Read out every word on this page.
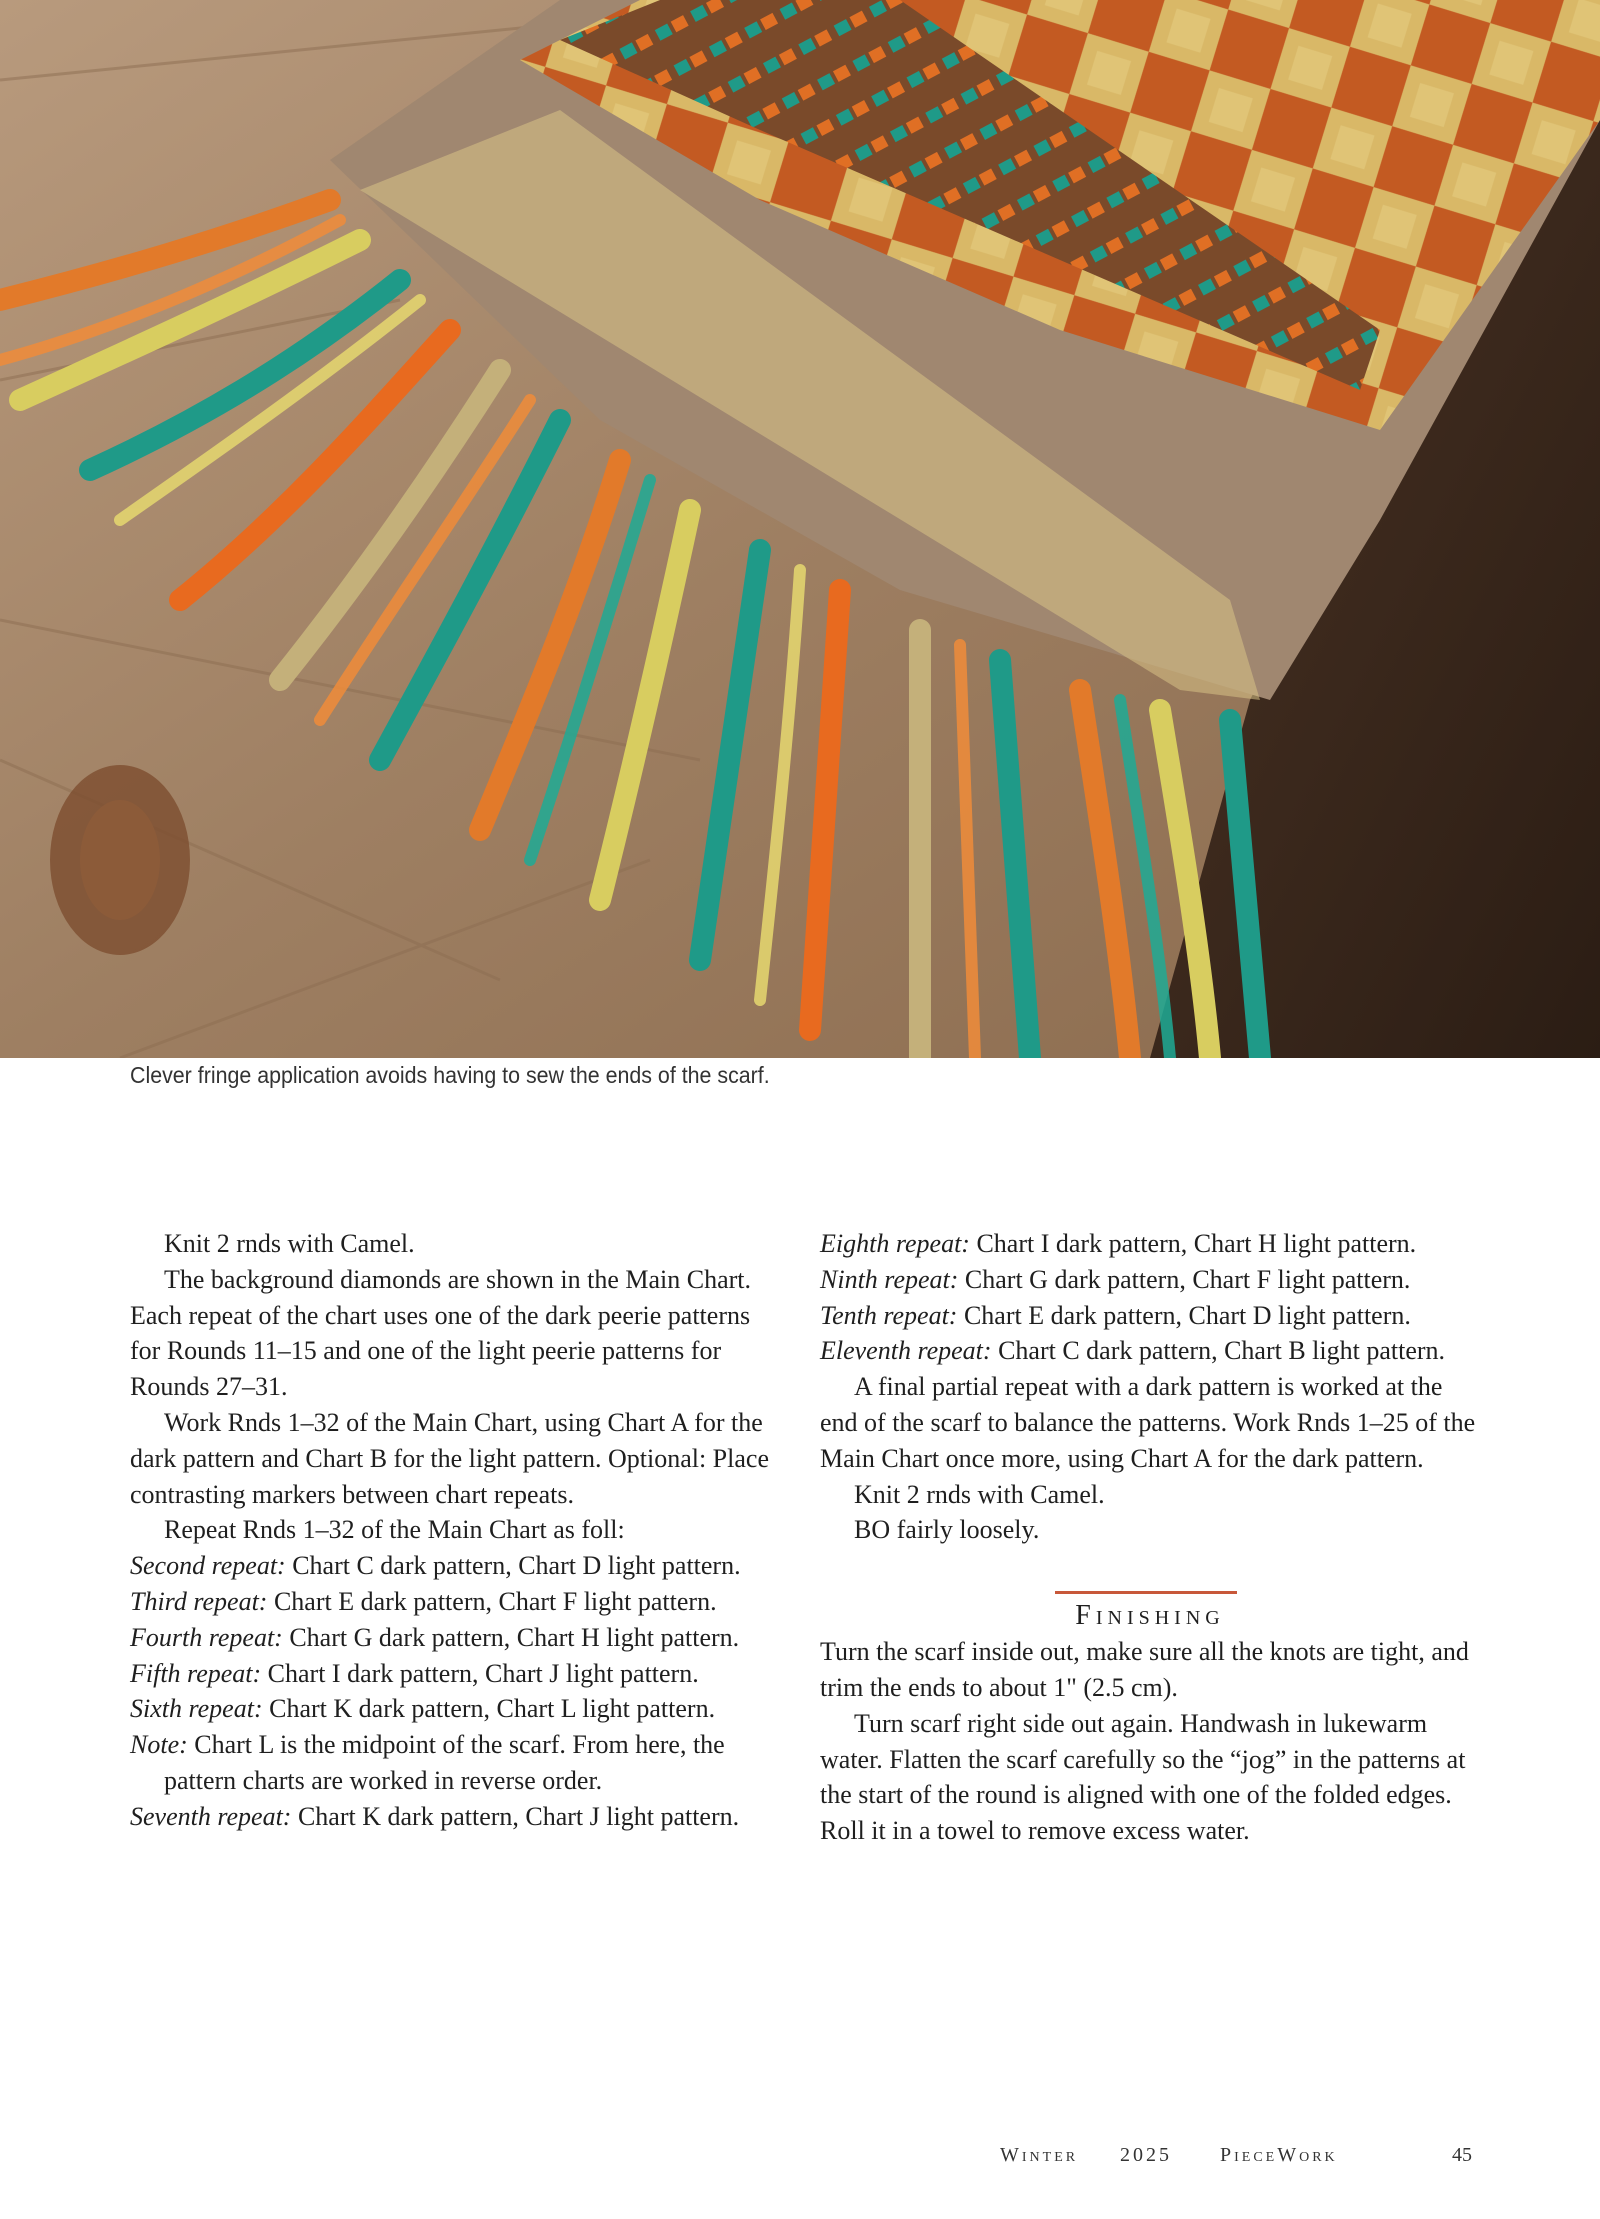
Clever fringe application avoids having to sew the ends of the scarf.

Knit 2 rnds with Camel.

The background diamonds are shown in the Main Chart. Each repeat of the chart uses one of the dark peerie patterns for Rounds 11–15 and one of the light peerie patterns for Rounds 27–31.

Work Rnds 1–32 of the Main Chart, using Chart A for the dark pattern and Chart B for the light pattern. Optional: Place contrasting markers between chart repeats.

Repeat Rnds 1–32 of the Main Chart as foll:

Second repeat: Chart C dark pattern, Chart D light pattern.

Third repeat: Chart E dark pattern, Chart F light pattern.

Fourth repeat: Chart G dark pattern, Chart H light pattern.

Fifth repeat: Chart I dark pattern, Chart J light pattern.

Sixth repeat: Chart K dark pattern, Chart L light pattern.

Note: Chart L is the midpoint of the scarf. From here, the pattern charts are worked in reverse order.

Seventh repeat: Chart K dark pattern, Chart J light pattern.

Eighth repeat: Chart I dark pattern, Chart H light pattern.

Ninth repeat: Chart G dark pattern, Chart F light pattern.

Tenth repeat: Chart E dark pattern, Chart D light pattern.

Eleventh repeat: Chart C dark pattern, Chart B light pattern.

A final partial repeat with a dark pattern is worked at the end of the scarf to balance the patterns. Work Rnds 1–25 of the Main Chart once more, using Chart A for the dark pattern.

Knit 2 rnds with Camel.

BO fairly loosely.

Finishing

Turn the scarf inside out, make sure all the knots are tight, and trim the ends to about 1" (2.5 cm).

Turn scarf right side out again. Handwash in lukewarm water. Flatten the scarf carefully so the “jog” in the patterns at the start of the round is aligned with one of the folded edges. Roll it in a towel to remove excess water.

Winter 2025 PieceWork	45
